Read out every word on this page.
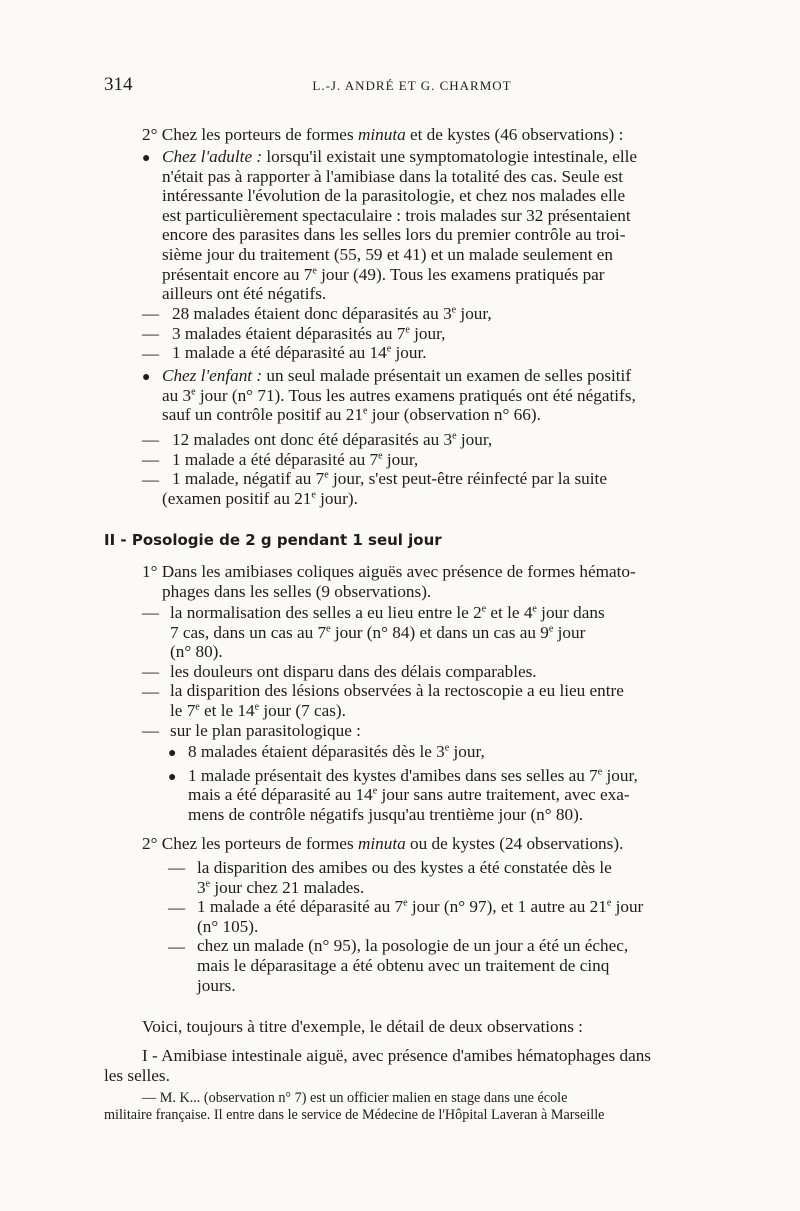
314	L.-J. ANDRÉ ET G. CHARMOT
2° Chez les porteurs de formes minuta et de kystes (46 observations) :
● Chez l'adulte : lorsqu'il existait une symptomatologie intestinale, elle
n'était pas à rapporter à l'amibiase dans la totalité des cas. Seule est
intéressante l'évolution de la parasitologie, et chez nos malades elle
est particulièrement spectaculaire : trois malades sur 32 présentaient
encore des parasites dans les selles lors du premier contrôle au troi-
sième jour du traitement (55, 59 et 41) et un malade seulement en
présentait encore au 7e jour (49). Tous les examens pratiqués par
ailleurs ont été négatifs.
—
—
—
28 malades étaient donc déparasités au 3e jour,
3 malades étaient déparasités au 7e jour,
1 malade a été déparasité au 14e jour.
● Chez l'enfant : un seul malade présentait un examen de selles positif
au 3e jour (n° 71). Tous les autres examens pratiqués ont été négatifs,
sauf un contrôle positif au 21e jour (observation n° 66).
—
—
—
12 malades ont donc été déparasités au 3e jour,
1 malade a été déparasité au 7e jour,
1 malade, négatif au 7e jour, s'est peut-être réinfecté par la suite
(examen positif au 21e jour).
II - Posologie de 2 g pendant 1 seul jour
1° Dans les amibiases coliques aiguës avec présence de formes hémato-
phages dans les selles (9 observations).
—
—
—
—
la normalisation des selles a eu lieu entre le 2e et le 4e jour dans
7 cas, dans un cas au 7e jour (n° 84) et dans un cas au 9e jour
(n° 80).
les douleurs ont disparu dans des délais comparables.
la disparition des lésions observées à la rectoscopie a eu lieu entre
le 7e et le 14e jour (7 cas).
sur le plan parasitologique :
●
●
8 malades étaient déparasités dès le 3e jour,
1 malade présentait des kystes d'amibes dans ses selles au 7e jour,
mais a été déparasité au 14e jour sans autre traitement, avec exa-
mens de contrôle négatifs jusqu'au trentième jour (n° 80).
2° Chez les porteurs de formes minuta ou de kystes (24 observations).
—
—
—
la disparition des amibes ou des kystes a été constatée dès le
3e jour chez 21 malades.
1 malade a été déparasité au 7e jour (n° 97), et 1 autre au 21e jour
(n° 105).
chez un malade (n° 95), la posologie de un jour a été un échec,
mais le déparasitage a été obtenu avec un traitement de cinq
jours.
Voici, toujours à titre d'exemple, le détail de deux observations :
I - Amibiase intestinale aiguë, avec présence d'amibes hématophages dans
les selles.
— M. K... (observation n° 7) est un officier malien en stage dans une école
militaire française. Il entre dans le service de Médecine de l'Hôpital Laveran à Marseille
